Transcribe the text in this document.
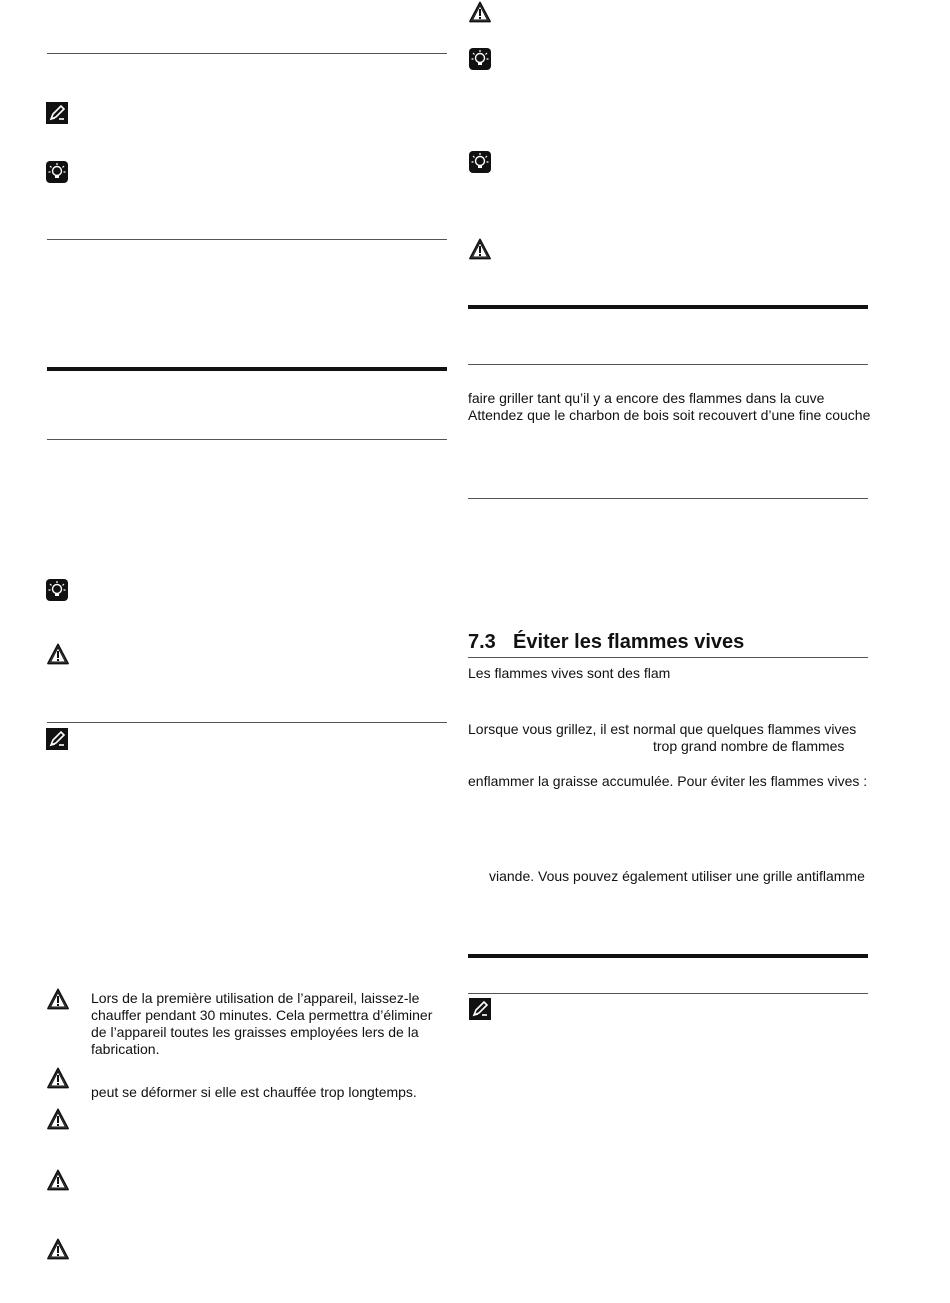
Lors de la première utilisation de l’appareil, laissez-le chauffer pendant 30 minutes. Cela permettra d’éliminer de l’appareil toutes les graisses employées lers de la fabrication.
peut se déformer si elle est chauffée trop longtemps.
faire griller tant qu’il y a encore des flammes dans la cuve
Attendez que le charbon de bois soit recouvert d’une fine couche
7.3 Éviter les flammes vives
Les flammes vives sont des flam
Lorsque vous grillez, il est normal que quelques flammes vives
trop grand nombre de flammes
enflammer la graisse accumulée. Pour éviter les flammes vives :
viande. Vous pouvez également utiliser une grille antiflamme
